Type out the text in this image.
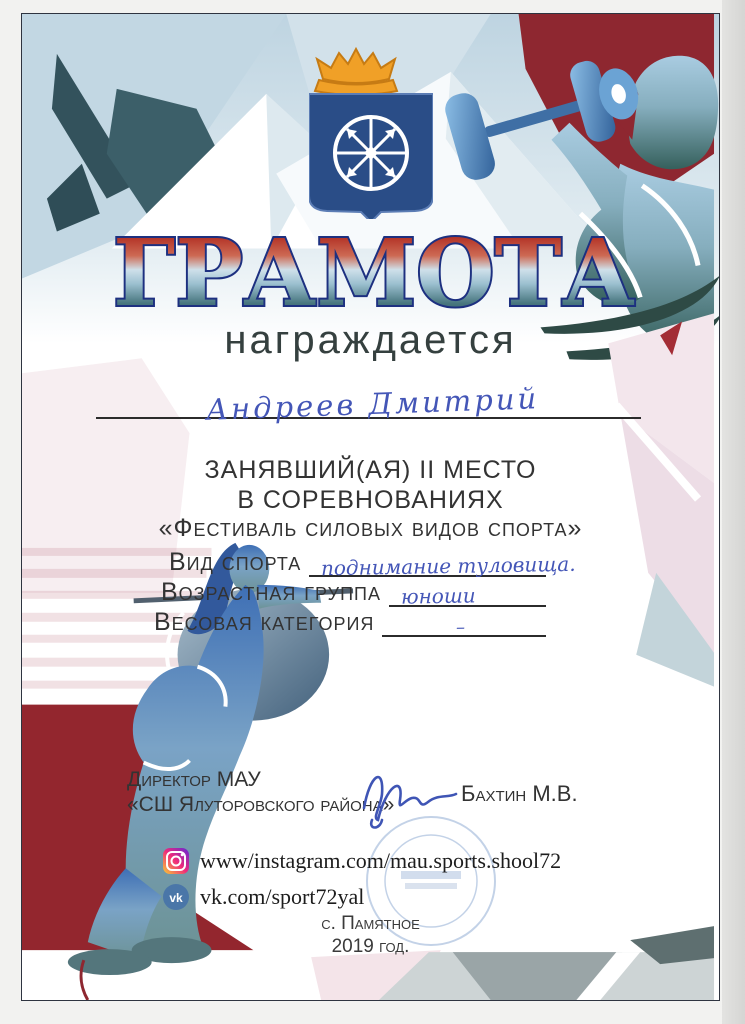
ГРАМОТА
награждается
Андреев Дмитрий
ЗАНЯВШИЙ(АЯ) II МЕСТО
В СОРЕВНОВАНИЯХ
«Фестиваль силовых видов спорта»
Вид спорта поднимание туловища.
Возрастная группа юноши
Весовая категория	–
Директор МАУ
«СШ Ялуторовского района»	Бахтин М.В.
www/instagram.com/mau.sports.shool72
vk vk.com/sport72yal
с. Памятное
2019 год.
